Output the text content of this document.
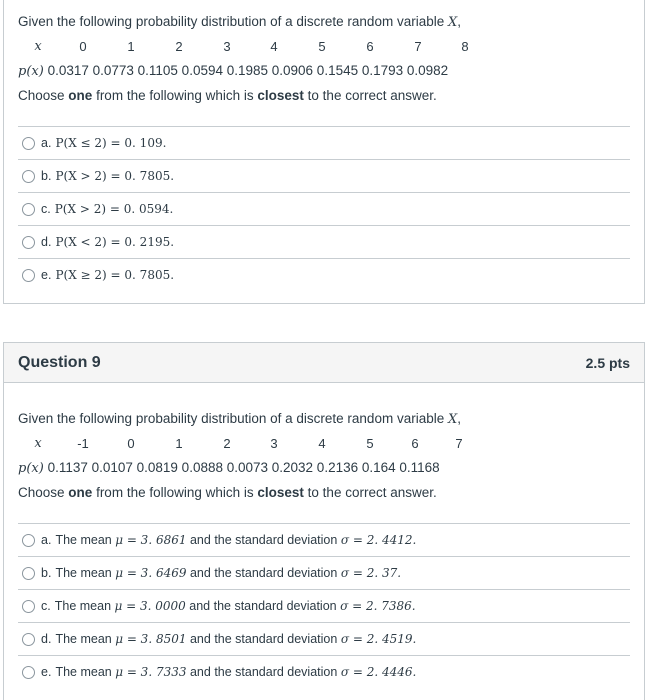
Given the following probability distribution of a discrete random variable X,
x	0	1	2	3	4	5	6	7	8
p(x) 0.0317 0.0773 0.1105 0.0594 0.1985 0.0906 0.1545 0.1793 0.0982
Choose one from the following which is closest to the correct answer.
a. P(X ≤ 2) = 0. 109.
b. P(X > 2) = 0. 7805.
c. P(X > 2) = 0. 0594.
d. P(X < 2) = 0. 2195.
e. P(X ≥ 2) = 0. 7805.
Question 9	2.5 pts
Given the following probability distribution of a discrete random variable X,
x	-1	0	1	2	3	4	5	6	7
p(x) 0.1137 0.0107 0.0819 0.0888 0.0073 0.2032 0.2136 0.164 0.1168
Choose one from the following which is closest to the correct answer.
a. The mean
μ = 3. 6861
and the standard deviation
σ = 2. 4412.
b. The mean
μ = 3. 6469
and the standard deviation
σ = 2. 37.
c. The mean
μ = 3. 0000
and the standard deviation
σ = 2. 7386.
d. The mean
μ = 3. 8501
and the standard deviation
σ = 2. 4519.
e. The mean
μ = 3. 7333
and the standard deviation
σ = 2. 4446.
